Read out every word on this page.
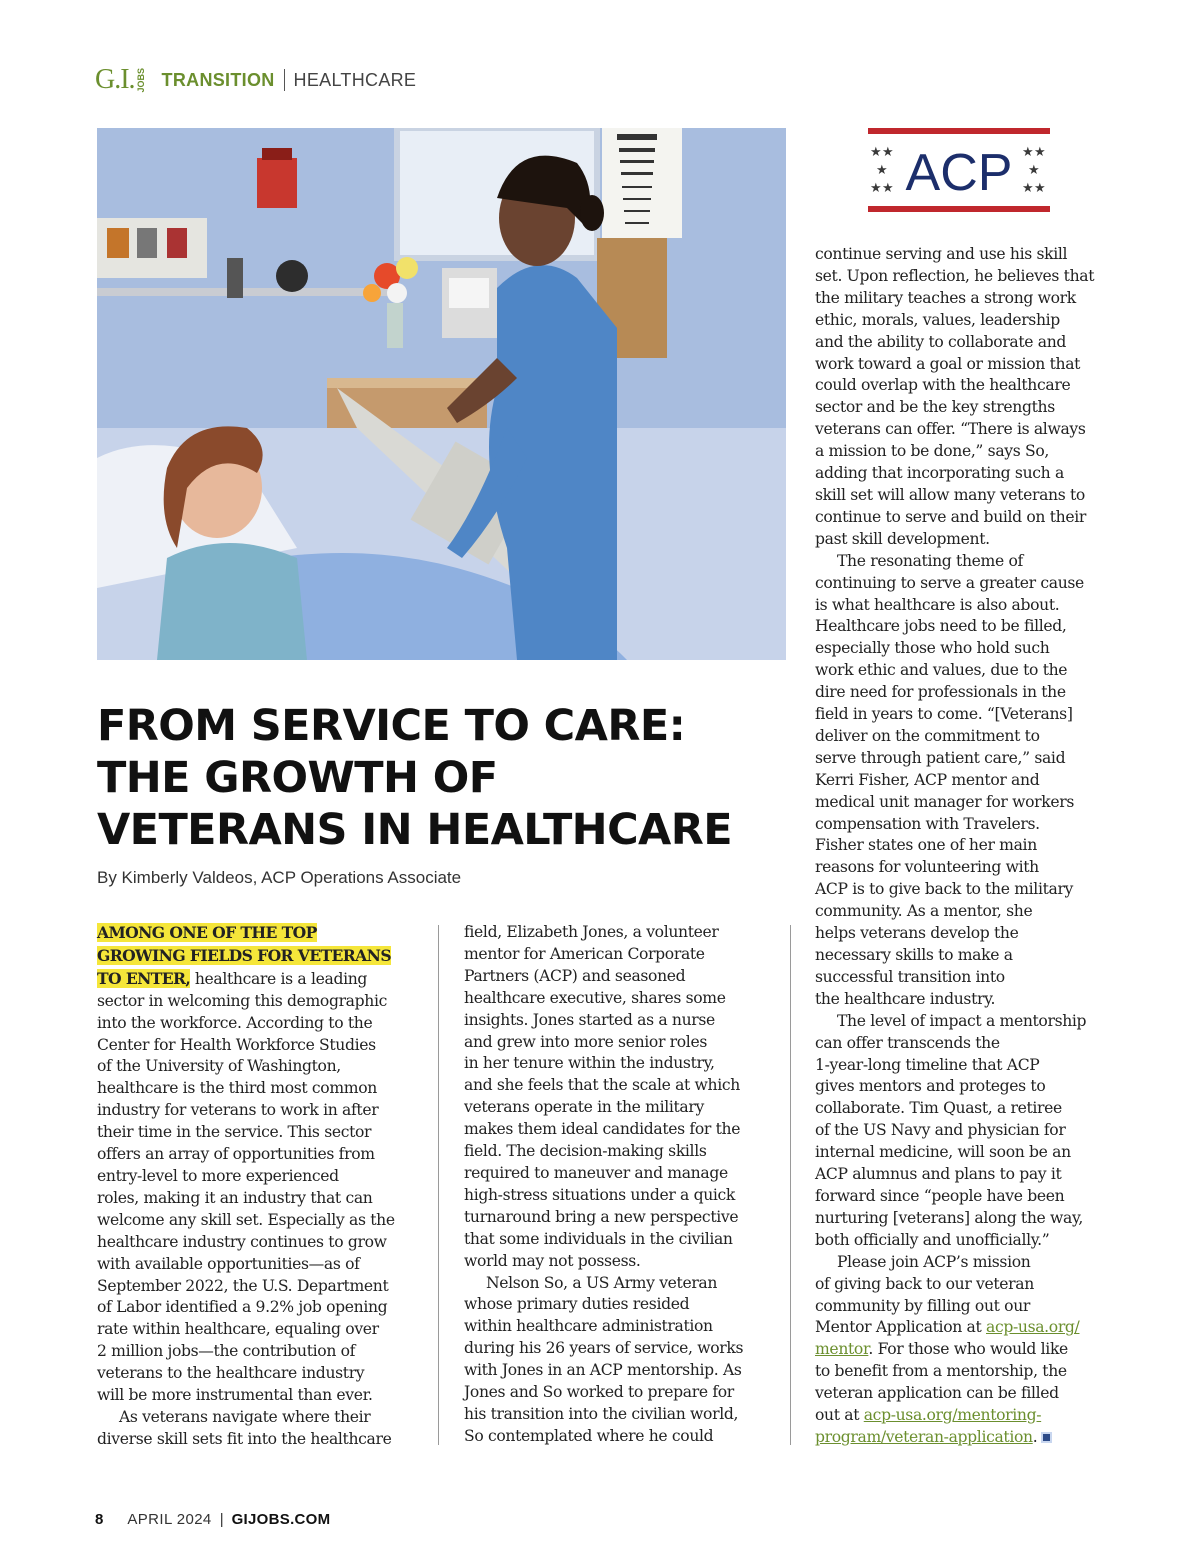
G.I. JOBS TRANSITION HEALTHCARE
★ ★
★
★ ★
★ ★
★
★ ★
ACP
FROM SERVICE TO CARE:
THE GROWTH OF
VETERANS IN HEALTHCARE
By Kimberly Valdeos, ACP Operations Associate

AMONG ONE OF THE TOP

GROWING FIELDS FOR VETERANS

TO ENTER, healthcare is a leading

sector in welcoming this demographic

into the workforce. According to the

Center for Health Workforce Studies

of the University of Washington,

healthcare is the third most common

industry for veterans to work in after

their time in the service. This sector

offers an array of opportunities from

entry-level to more experienced

roles, making it an industry that can

welcome any skill set. Especially as the

healthcare industry continues to grow

with available opportunities—as of

September 2022, the U.S. Department

of Labor identified a 9.2% job opening

rate within healthcare, equaling over

2 million jobs—the contribution of

veterans to the healthcare industry

will be more instrumental than ever.

As veterans navigate where their

diverse skill sets fit into the healthcare

field, Elizabeth Jones, a volunteer

mentor for American Corporate

Partners (ACP) and seasoned

healthcare executive, shares some

insights. Jones started as a nurse

and grew into more senior roles

in her tenure within the industry,

and she feels that the scale at which

veterans operate in the military

makes them ideal candidates for the

field. The decision-making skills

required to maneuver and manage

high-stress situations under a quick

turnaround bring a new perspective

that some individuals in the civilian

world may not possess.

Nelson So, a US Army veteran

whose primary duties resided

within healthcare administration

during his 26 years of service, works

with Jones in an ACP mentorship. As

Jones and So worked to prepare for

his transition into the civilian world,

So contemplated where he could

continue serving and use his skill

set. Upon reflection, he believes that

the military teaches a strong work

ethic, morals, values, leadership

and the ability to collaborate and

work toward a goal or mission that

could overlap with the healthcare

sector and be the key strengths

veterans can offer. “There is always

a mission to be done,” says So,

adding that incorporating such a

skill set will allow many veterans to

continue to serve and build on their

past skill development.

The resonating theme of

continuing to serve a greater cause

is what healthcare is also about.

Healthcare jobs need to be filled,

especially those who hold such

work ethic and values, due to the

dire need for professionals in the

field in years to come. “[Veterans]

deliver on the commitment to

serve through patient care,” said

Kerri Fisher, ACP mentor and

medical unit manager for workers

compensation with Travelers.

Fisher states one of her main

reasons for volunteering with

ACP is to give back to the military

community. As a mentor, she

helps veterans develop the

necessary skills to make a

successful transition into

the healthcare industry.

The level of impact a mentorship

can offer transcends the

1-year-long timeline that ACP

gives mentors and proteges to

collaborate. Tim Quast, a retiree

of the US Navy and physician for

internal medicine, will soon be an

ACP alumnus and plans to pay it

forward since “people have been

nurturing [veterans] along the way,

both officially and unofficially.”

Please join ACP’s mission

of giving back to our veteran

community by filling out our

Mentor Application at acp-usa.org/

mentor. For those who would like

to benefit from a mentorship, the

veteran application can be filled

out at acp-usa.org/mentoring-

program/veteran-application.

8 APRIL 2024 | GIJOBS.COM
